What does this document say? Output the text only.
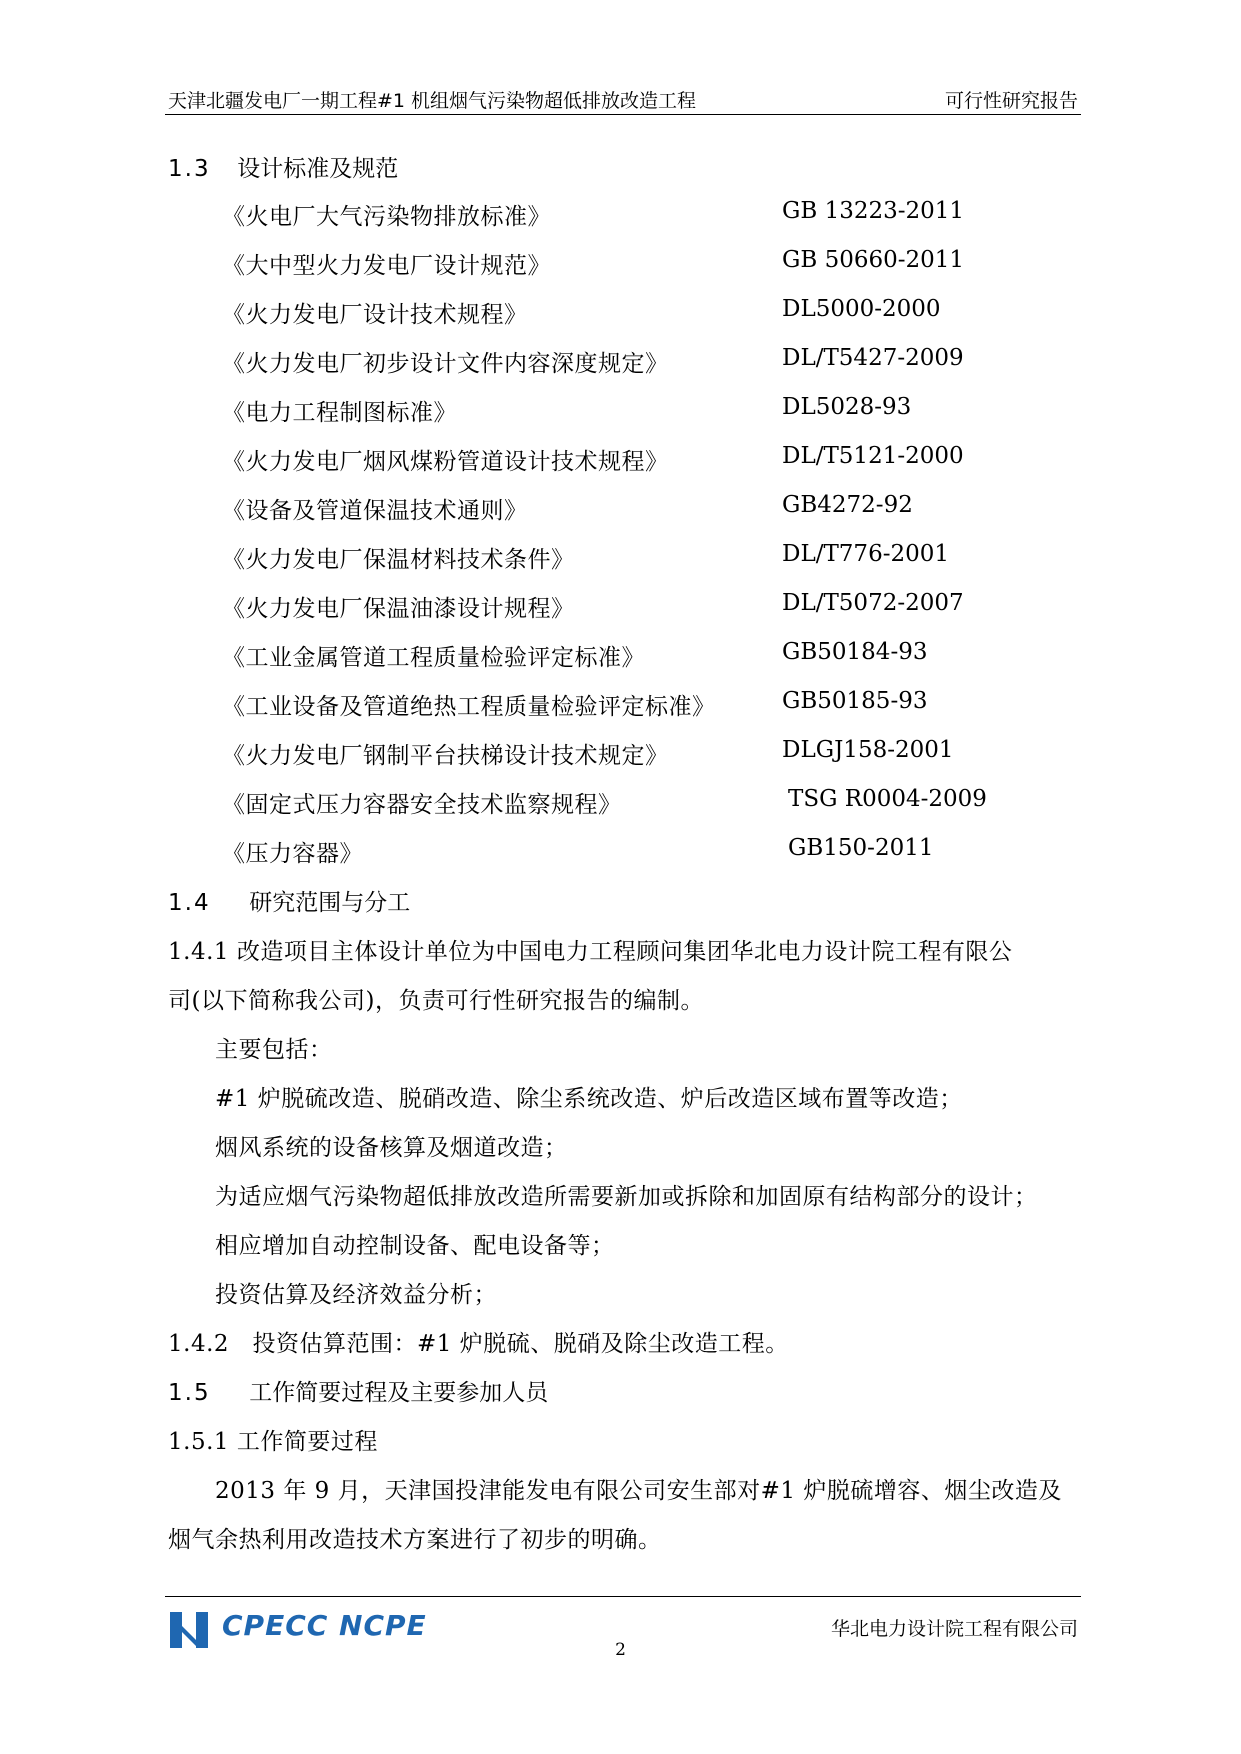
天津北疆发电厂一期工程#1 机组烟气污染物超低排放改造工程	可行性研究报告
1.3 设计标准及规范
《火电厂大气污染物排放标准》	GB 13223-2011
《大中型火力发电厂设计规范》	GB 50660-2011
《火力发电厂设计技术规程》	DL5000-2000
《火力发电厂初步设计文件内容深度规定》	DL/T5427-2009
《电力工程制图标准》	DL5028-93
《火力发电厂烟风煤粉管道设计技术规程》	DL/T5121-2000
《设备及管道保温技术通则》	GB4272-92
《火力发电厂保温材料技术条件》	DL/T776-2001
《火力发电厂保温油漆设计规程》	DL/T5072-2007
《工业金属管道工程质量检验评定标准》	GB50184-93
《工业设备及管道绝热工程质量检验评定标准》	GB50185-93
《火力发电厂钢制平台扶梯设计技术规定》	DLGJ158-2001
《固定式压力容器安全技术监察规程》	TSG R0004-2009
《压力容器》	GB150-2011
1.4 研究范围与分工
1.4.1 改造项目主体设计单位为中国电力工程顾问集团华北电力设计院工程有限公
司(以下简称我公司)，负责可行性研究报告的编制。
主要包括：
#1 炉脱硫改造、脱硝改造、除尘系统改造、炉后改造区域布置等改造；
烟风系统的设备核算及烟道改造；
为适应烟气污染物超低排放改造所需要新加或拆除和加固原有结构部分的设计；
相应增加自动控制设备、配电设备等；
投资估算及经济效益分析；
1.4.2　投资估算范围：#1 炉脱硫、脱硝及除尘改造工程。
1.5 工作简要过程及主要参加人员
1.5.1 工作简要过程
2013 年 9 月，天津国投津能发电有限公司安生部对#1 炉脱硫增容、烟尘改造及
烟气余热利用改造技术方案进行了初步的明确。
CPECC NCPE	华北电力设计院工程有限公司
2
